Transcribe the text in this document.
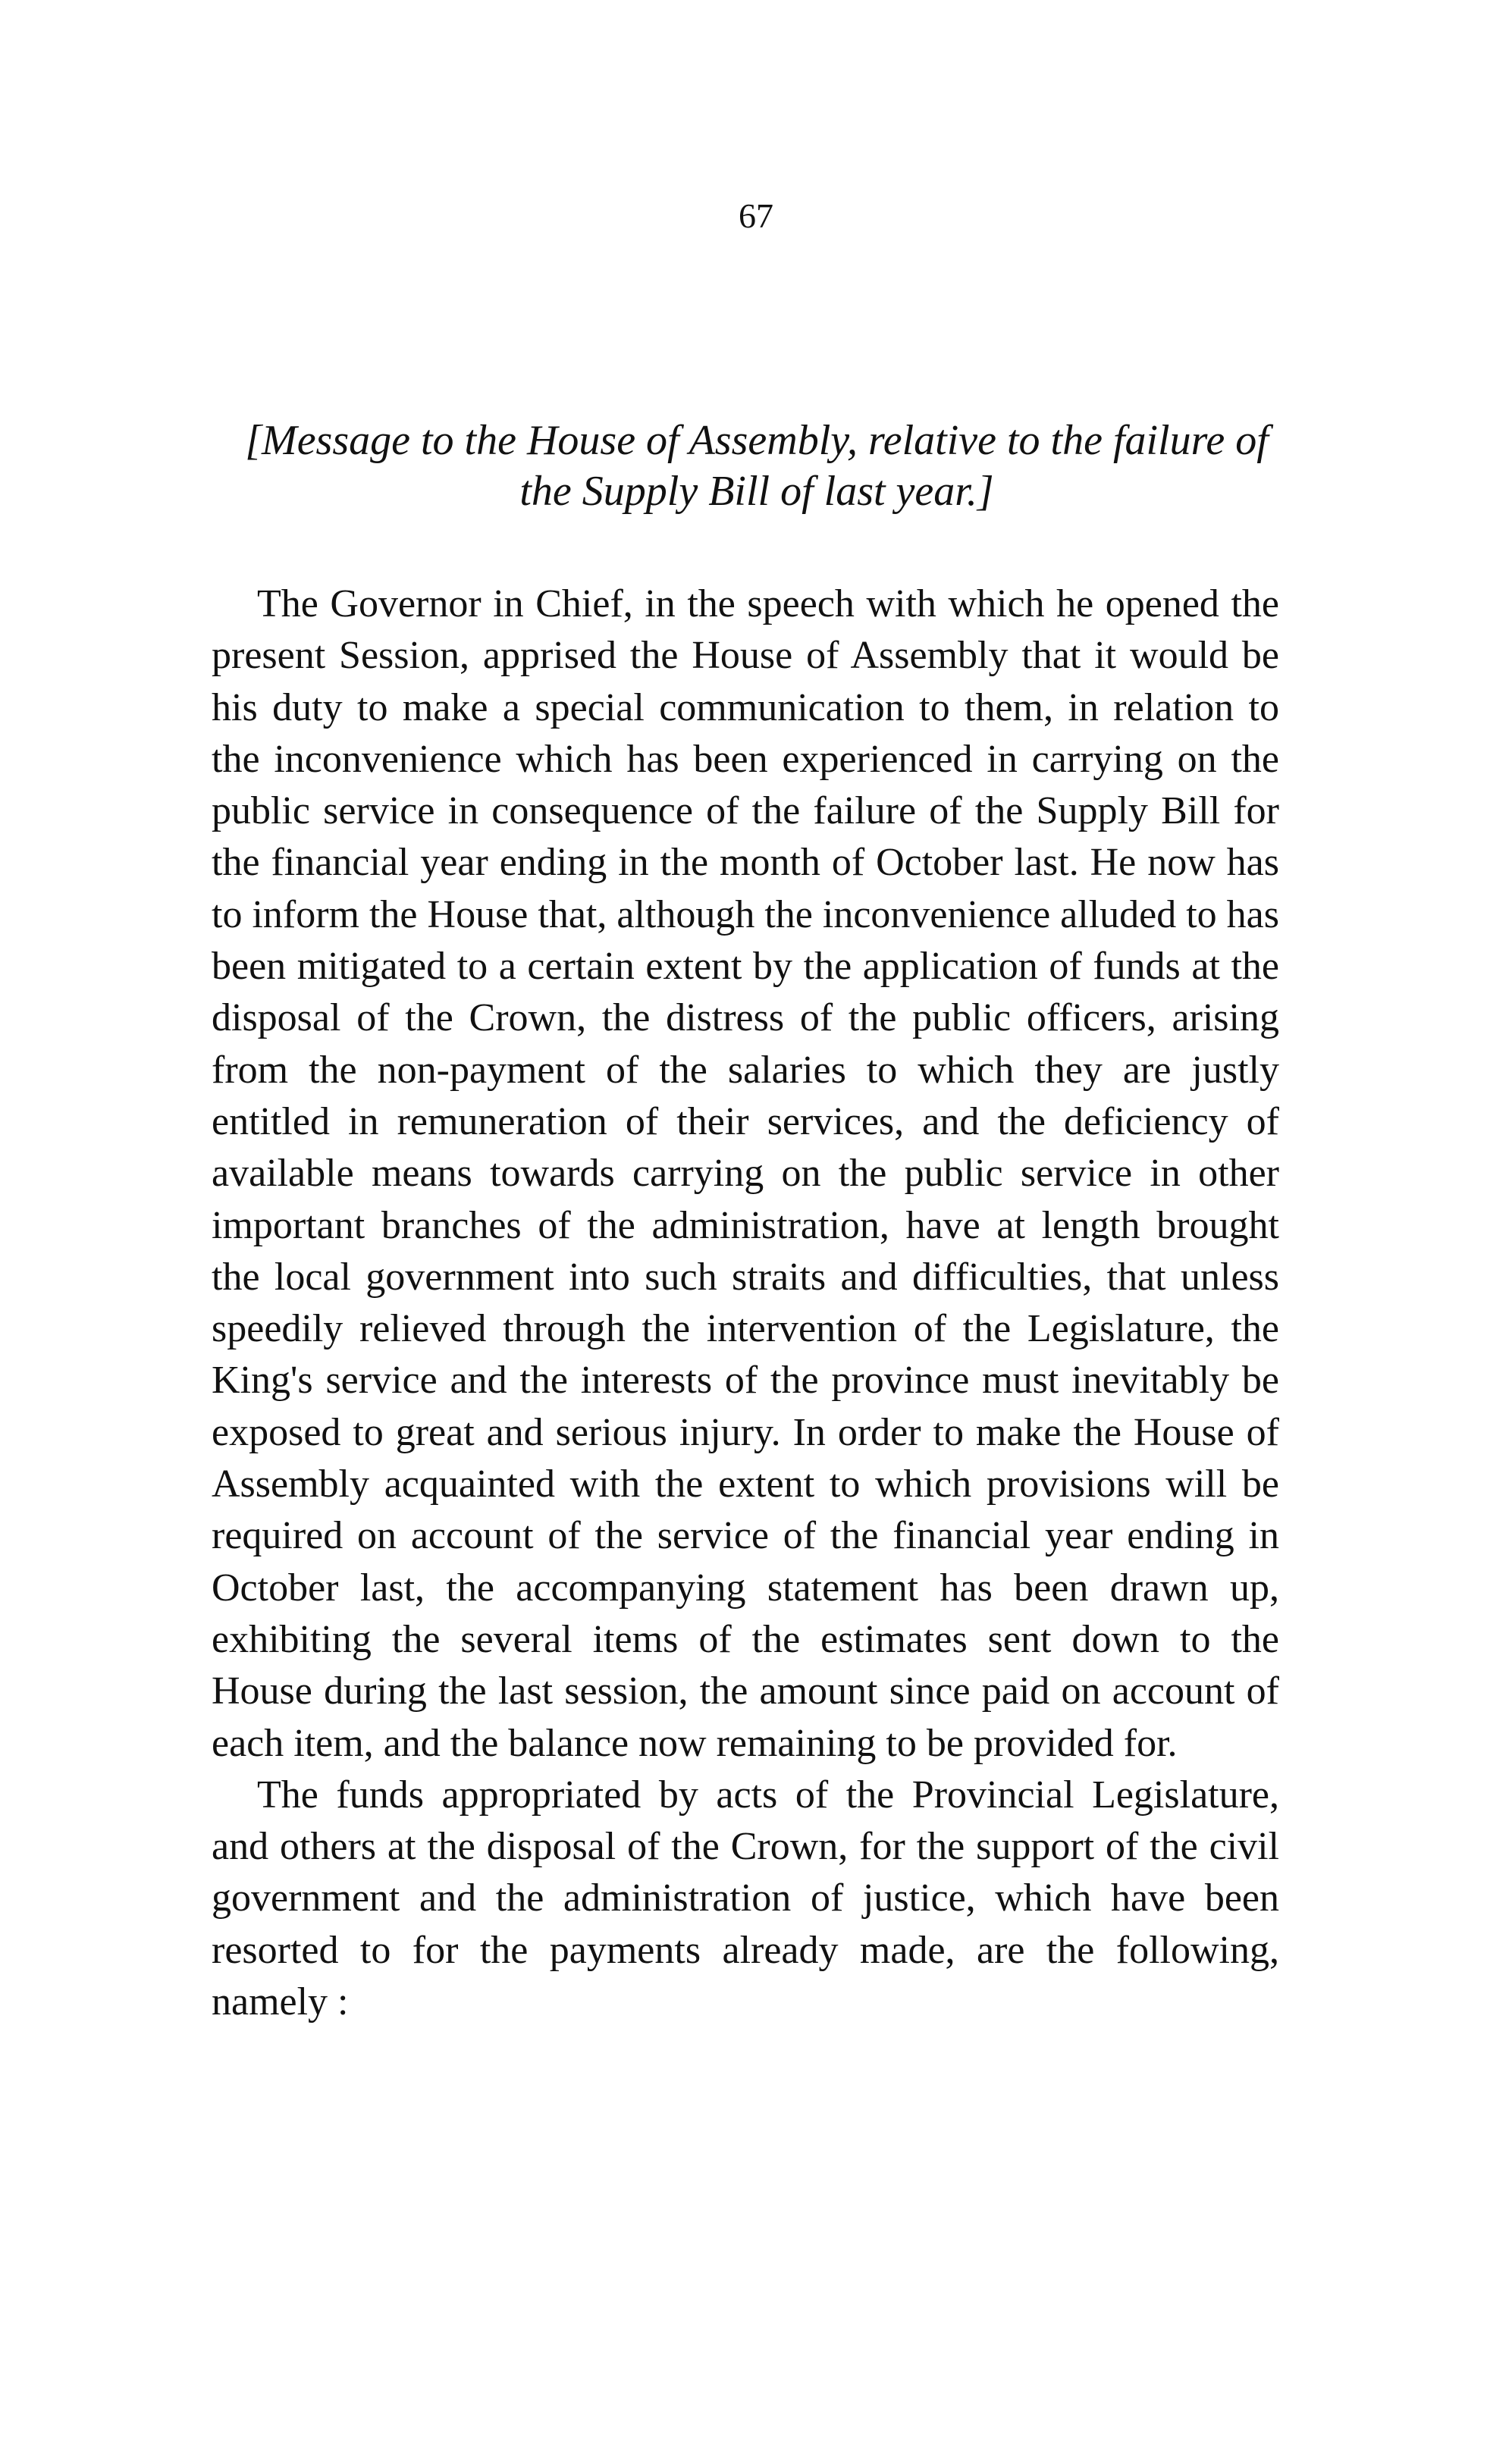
67
[Message to the House of Assembly, relative to the failure of the Supply Bill of last year.]

The Governor in Chief, in the speech with which he opened the present Session, apprised the House of Assembly that it would be his duty to make a special communication to them, in relation to the inconvenience which has been experienced in carrying on the public service in consequence of the failure of the Supply Bill for the financial year ending in the month of October last. He now has to inform the House that, although the inconvenience alluded to has been mitigated to a certain extent by the application of funds at the disposal of the Crown, the distress of the public officers, arising from the non-payment of the salaries to which they are justly entitled in remuneration of their services, and the deficiency of available means towards carrying on the public service in other important branches of the administration, have at length brought the local government into such straits and difficulties, that unless speedily relieved through the intervention of the Legislature, the King's service and the interests of the province must inevitably be exposed to great and serious injury. In order to make the House of Assembly acquainted with the extent to which provisions will be required on account of the service of the financial year ending in October last, the accompanying statement has been drawn up, exhibiting the several items of the estimates sent down to the House during the last session, the amount since paid on account of each item, and the balance now remaining to be provided for.

The funds appropriated by acts of the Provincial Legislature, and others at the disposal of the Crown, for the support of the civil government and the administration of justice, which have been resorted to for the payments already made, are the following, namely :
